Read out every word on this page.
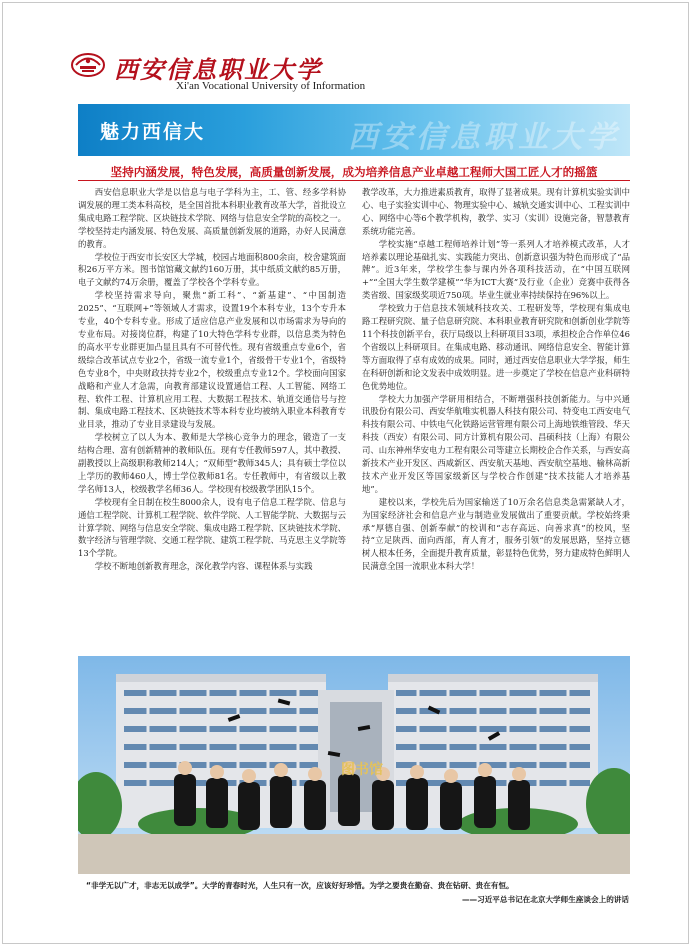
西安信息职业大学
Xi'an Vocational University of Information
西安信息职业大学
魅力西信大
坚持内涵发展，特色发展，高质量创新发展，成为培养信息产业卓越工程师大国工匠人才的摇篮

西安信息职业大学是以信息与电子学科为主，工、管、经多学科协调发展的理工类本科高校，是全国首批本科职业教育改革大学，首批设立集成电路工程学院、区块链技术学院、网络与信息安全学院的高校之一。学校坚持走内涵发展、特色发展、高质量创新发展的道路，办好人民满意的教育。

学校位于西安市长安区大学城，校园占地面积800余亩，校舍建筑面积26万平方米。图书馆馆藏文献约160万册，其中纸质文献约85万册，电子文献约74万余册，覆盖了学校各个学科专业。

学校坚持需求导向，聚焦“新工科”、“新基建”、“中国制造2025”、“互联网+”等领域人才需求，设置19个本科专业，13个专升本专业，40个专科专业。形成了适应信息产业发展和以市场需求为导向的专业布局。对接岗位群，构建了10大特色学科专业群，以信息类为特色的高水平专业群更加凸显且具有不可替代性。现有省级重点专业6个，省级综合改革试点专业2个，省级一流专业1个，省级骨干专业1个，省级特色专业8个，中央财政扶持专业2个，校级重点专业12个。学校面向国家战略和产业人才急需，向教育部建议设置通信工程、人工智能、网络工程、软件工程、计算机应用工程、大数据工程技术、轨道交通信号与控制、集成电路工程技术、区块链技术等本科专业均被纳入职业本科教育专业目录，推动了专业目录建设与发展。

学校树立了以人为本、教师是大学核心竞争力的理念，锻造了一支结构合理、富有创新精神的教师队伍。现有专任教师597人，其中教授、副教授以上高级职称教师214人；“双师型”教师345人；具有硕士学位以上学历的教师460人，博士学位教师81名。专任教师中，有省级以上教学名师13人，校级教学名师36人。学校现有校级教学团队15个。

学校现有全日制在校生8000余人，设有电子信息工程学院、信息与通信工程学院、计算机工程学院、软件学院、人工智能学院、大数据与云计算学院、网络与信息安全学院、集成电路工程学院、区块链技术学院、数字经济与管理学院、交通工程学院、建筑工程学院、马克思主义学院等13个学院。

学校不断地创新教育理念，深化教学内容、课程体系与实践

教学改革，大力推进素质教育，取得了显著成果。现有计算机实验实训中心、电子实验实训中心、物理实验中心、城轨交通实训中心、工程实训中心、网络中心等6个教学机构，教学、实习（实训）设施完备，智慧教育系统功能完善。

学校实施“卓越工程师培养计划”等一系列人才培养模式改革，人才培养素以理论基础扎实、实践能力突出、创新意识强为特色而形成了“品牌”。近3年来，学校学生参与课内外各项科技活动，在“中国互联网+”“全国大学生数学建模”“华为ICT大赛”及行业（企业）竞赛中获得各类省级、国家级奖项近750项。毕业生就业率持续保持在96%以上。

学校致力于信息技术领域科技攻关、工程研发等，学校现有集成电路工程研究院、量子信息研究院、本科职业教育研究院和创新创业学院等11个科技创新平台，获厅局级以上科研项目33项，承担校企合作单位46个省级以上科研项目。在集成电路、移动通讯、网络信息安全、智能计算等方面取得了卓有成效的成果。同时，通过西安信息职业大学学报，师生在科研创新和论文发表中成效明显。进一步奠定了学校在信息产业科研特色优势地位。

学校大力加强产学研用相结合，不断增强科技创新能力。与中兴通讯股份有限公司、西安华航唯实机器人科技有限公司、特变电工西安电气科技有限公司、中铁电气化铁路运营管理有限公司上海地铁维管段、华天科技（西安）有限公司、同方计算机有限公司、昌硕科技（上海）有限公司、山东神州华安电力工程有限公司等建立长期校企合作关系，与西安高新技术产业开发区、西咸新区、西安航天基地、西安航空基地、榆林高新技术产业开发区等国家级新区与学校合作创建“技术技能人才培养基地”。

建校以来，学校先后为国家输送了10万余名信息类急需紧缺人才，为国家经济社会和信息产业与制造业发展做出了重要贡献。学校始终秉承“厚德自强、创新奉献”的校训和“志存高远、向善求真”的校风，坚持“立足陕西、面向西部，育人育才，服务引领”的发展思路，坚持立德树人根本任务，全面提升教育质量，彰显特色优势，努力建成特色鲜明人民满意全国一流职业本科大学！

图书馆
“非学无以广才，非志无以成学”。大学的青春时光，人生只有一次，应该好好珍惜。为学之要贵在勤奋、贵在钻研、贵在有恒。
——习近平总书记在北京大学师生座谈会上的讲话
